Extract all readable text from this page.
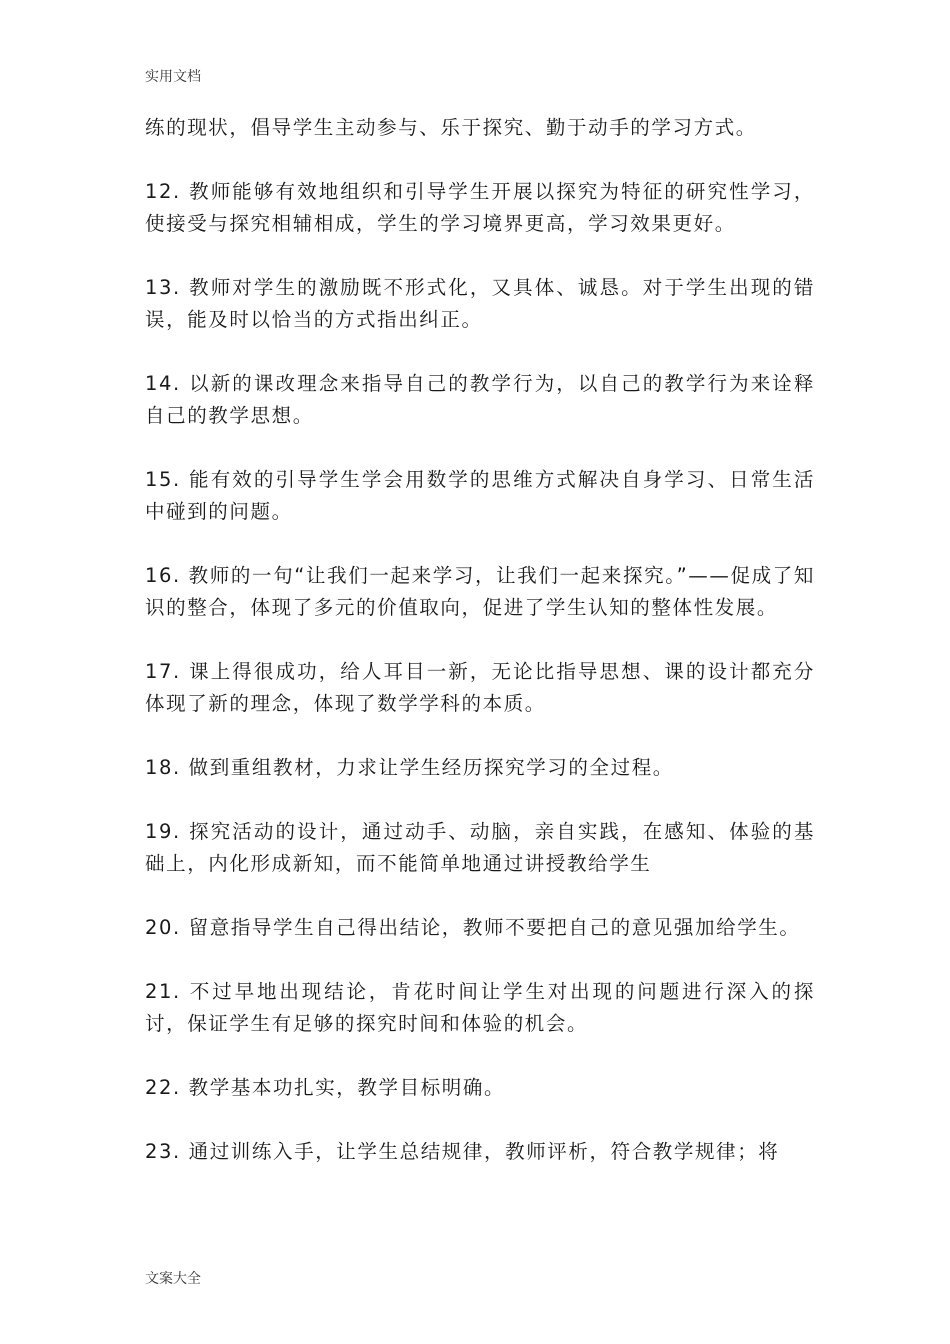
实用文档

练的现状，倡导学生主动参与、乐于探究、勤于动手的学习方式。

12. 教师能够有效地组织和引导学生开展以探究为特征的研究性学习，使接受与探究相辅相成，学生的学习境界更高，学习效果更好。

13. 教师对学生的激励既不形式化，又具体、诚恳。对于学生出现的错误，能及时以恰当的方式指出纠正。

14. 以新的课改理念来指导自己的教学行为，以自己的教学行为来诠释自己的教学思想。

15. 能有效的引导学生学会用数学的思维方式解决自身学习、日常生活中碰到的问题。

16. 教师的一句“让我们一起来学习，让我们一起来探究。”——促成了知识的整合，体现了多元的价值取向，促进了学生认知的整体性发展。

17. 课上得很成功，给人耳目一新，无论比指导思想、课的设计都充分体现了新的理念，体现了数学学科的本质。

18. 做到重组教材，力求让学生经历探究学习的全过程。

19. 探究活动的设计，通过动手、动脑，亲自实践，在感知、体验的基础上，内化形成新知，而不能简单地通过讲授教给学生

20. 留意指导学生自己得出结论，教师不要把自己的意见强加给学生。

21. 不过早地出现结论，肯花时间让学生对出现的问题进行深入的探讨，保证学生有足够的探究时间和体验的机会。

22. 教学基本功扎实，教学目标明确。

23. 通过训练入手，让学生总结规律，教师评析，符合教学规律；将

文案大全
